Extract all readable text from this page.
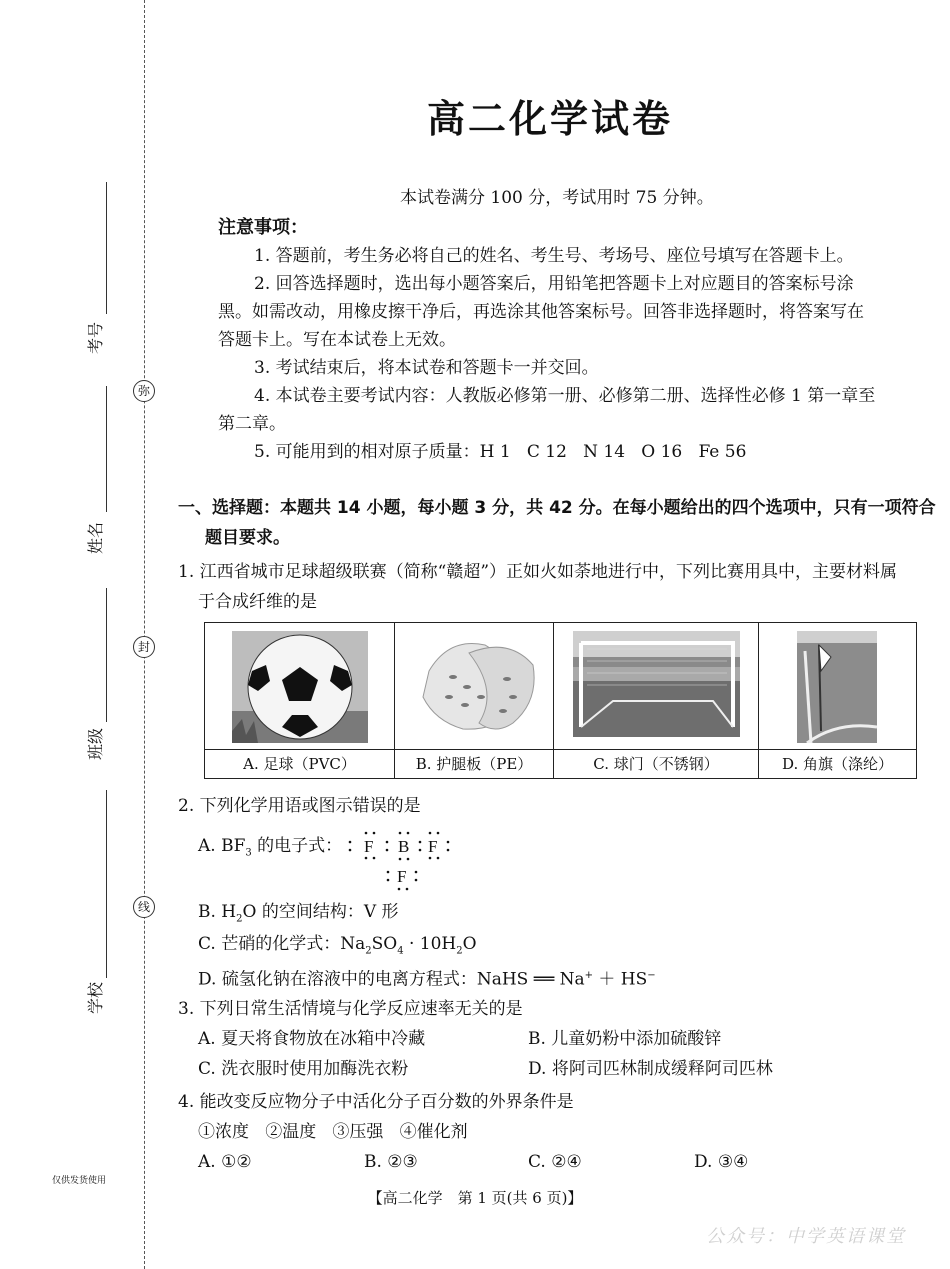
弥
封
线
考号
姓名
班级
学校
仅供发货使用
高二化学试卷
本试卷满分 100 分，考试用时 75 分钟。
注意事项：
1. 答题前，考生务必将自己的姓名、考生号、考场号、座位号填写在答题卡上。
2. 回答选择题时，选出每小题答案后，用铅笔把答题卡上对应题目的答案标号涂
黑。如需改动，用橡皮擦干净后，再选涂其他答案标号。回答非选择题时，将答案写在
答题卡上。写在本试卷上无效。
3. 考试结束后，将本试卷和答题卡一并交回。
4. 本试卷主要考试内容：人教版必修第一册、必修第二册、选择性必修 1 第一章至
第二章。
5. 可能用到的相对原子质量：H 1   C 12   N 14   O 16   Fe 56
一、选择题：本题共 14 小题，每小题 3 分，共 42 分。在每小题给出的四个选项中，只有一项符合
题目要求。
1. 江西省城市足球超级联赛（简称“赣超”）正如火如荼地进行中，下列比赛用具中，主要材料属
于合成纤维的是
A. 足球（PVC）	B. 护腿板（PE）	C. 球门（不锈钢）	D. 角旗（涤纶）
2. 下列化学用语或图示错误的是
A. $BF_3$ 的电子式： F B F
F
B. $H_2O$ 的空间结构：V 形
C. 芒硝的化学式：$Na_2SO_4 \cdot 10H_2O$
D. 硫氢化钠在溶液中的电离方程式：NaHS ══ Na+ ＋ HS−
3. 下列日常生活情境与化学反应速率无关的是
A. 夏天将食物放在冰箱中冷藏	B. 儿童奶粉中添加硫酸锌
C. 洗衣服时使用加酶洗衣粉	D. 将阿司匹林制成缓释阿司匹林
4. 能改变反应物分子中活化分子百分数的外界条件是
①浓度   ②温度   ③压强   ④催化剂
A. ①②	B. ②③	C. ②④	D. ③④
【高二化学　第 1 页(共 6 页)】
公众号：中学英语课堂
